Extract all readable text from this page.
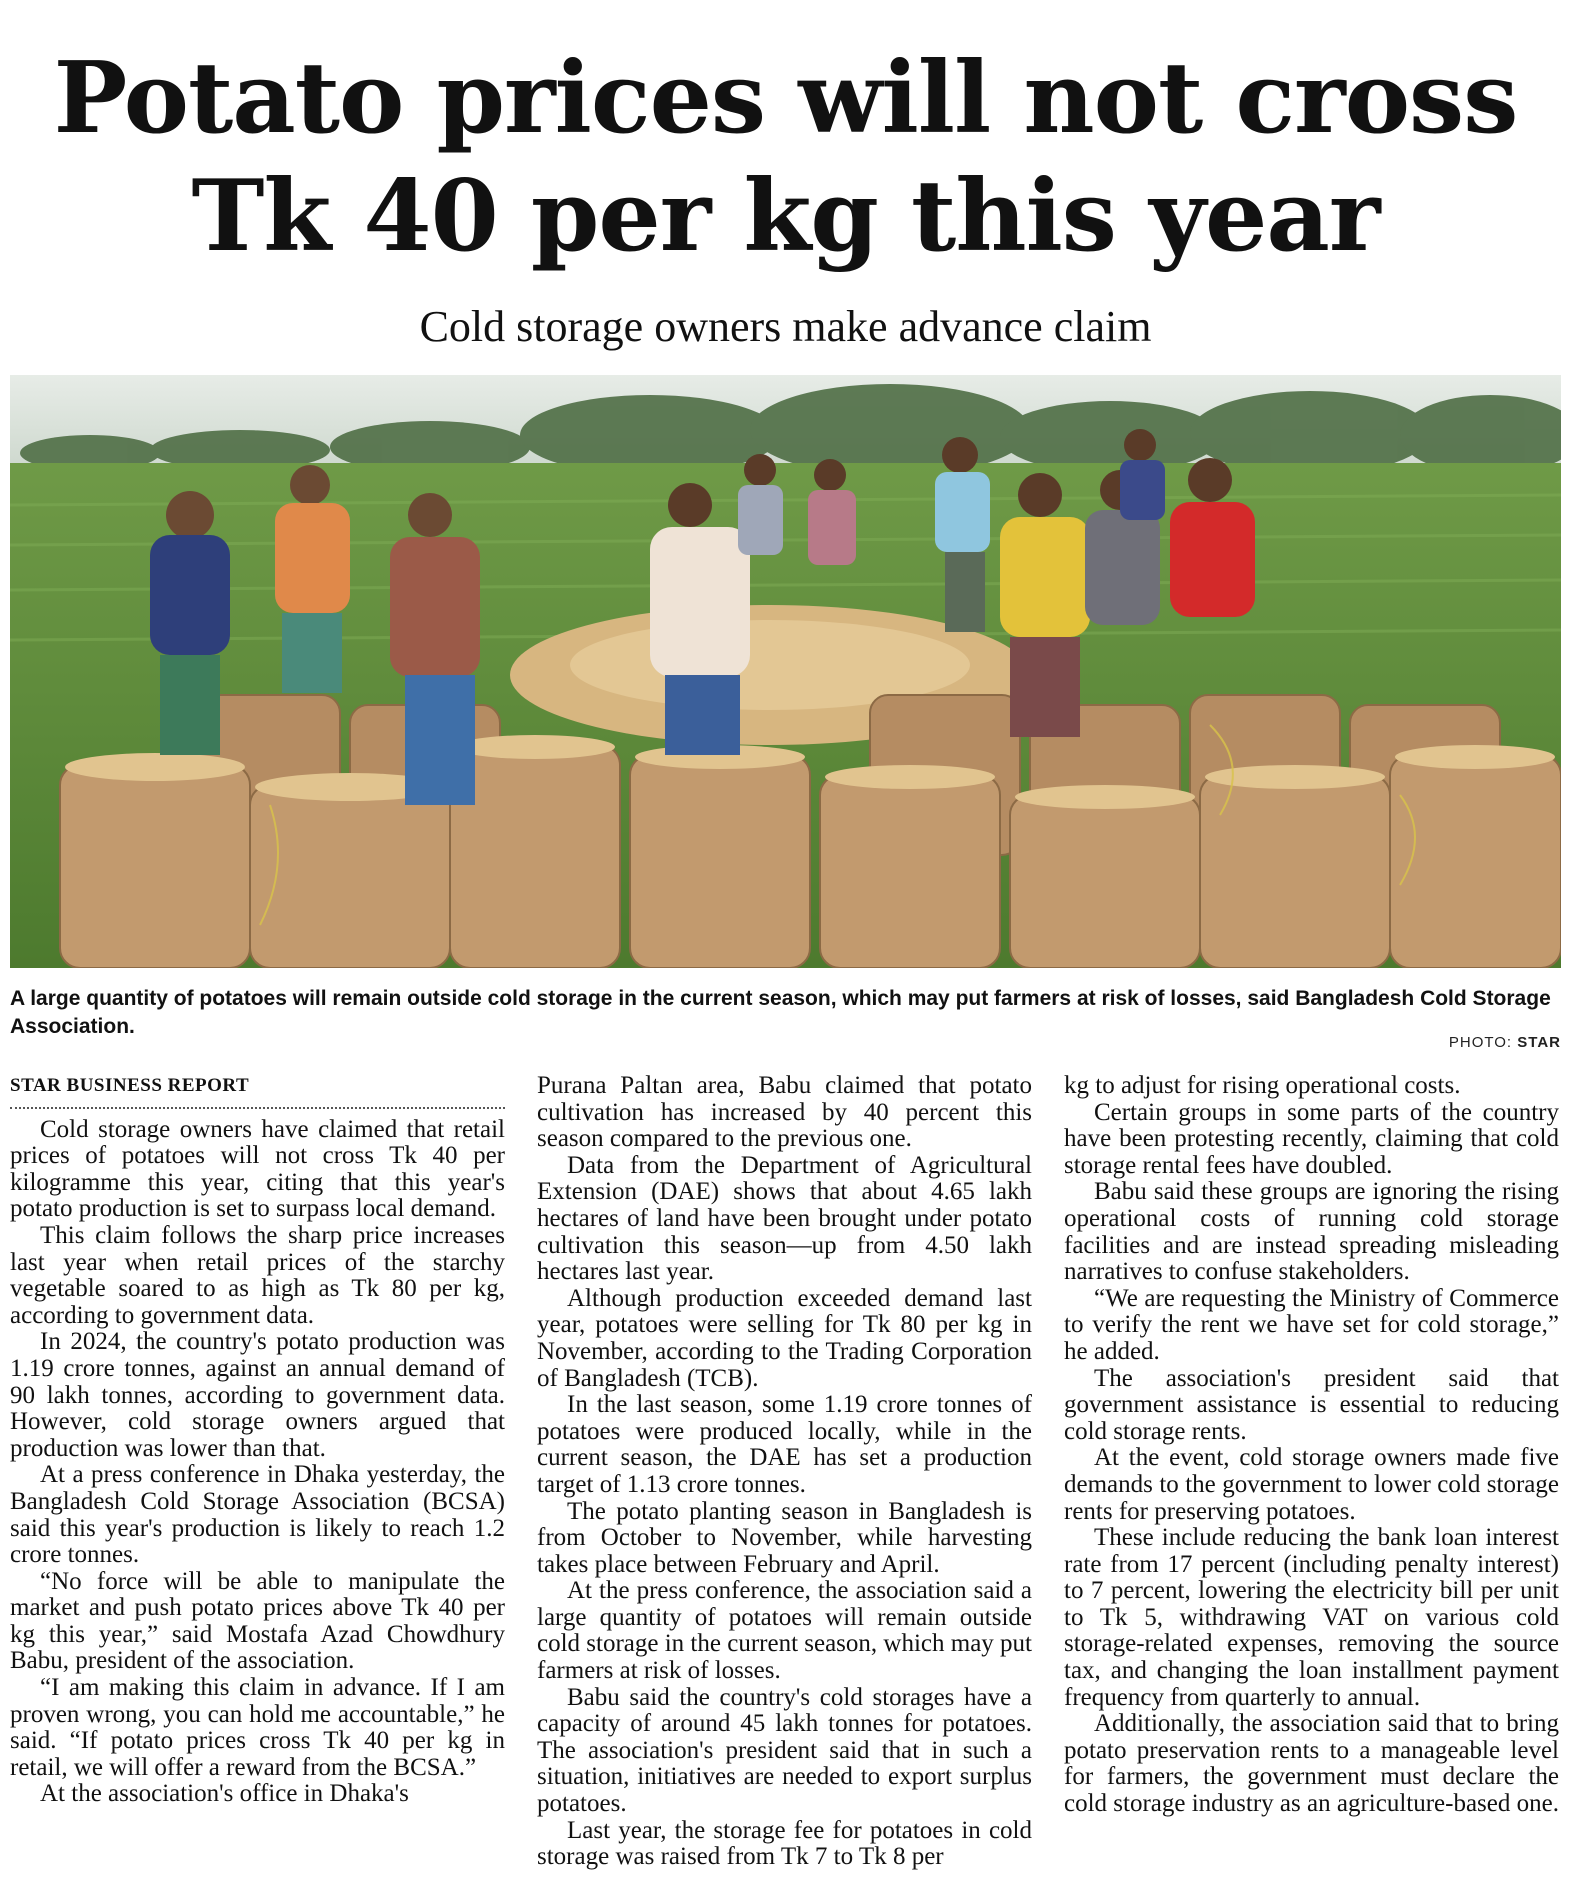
Potato prices will not cross
Tk 40 per kg this year

Cold storage owners make advance claim

A large quantity of potatoes will remain outside cold storage in the current season, which may put farmers at risk of losses, said Bangladesh Cold Storage Association.

PHOTO: STAR
STAR BUSINESS REPORT

Cold storage owners have claimed that retail prices of potatoes will not cross Tk 40 per kilogramme this year, citing that this year's potato production is set to surpass local demand.

This claim follows the sharp price increases last year when retail prices of the starchy vegetable soared to as high as Tk 80 per kg, according to government data.

In 2024, the country's potato production was 1.19 crore tonnes, against an annual demand of 90 lakh tonnes, according to government data. However, cold storage owners argued that production was lower than that.

At a press conference in Dhaka yesterday, the Bangladesh Cold Storage Association (BCSA) said this year's production is likely to reach 1.2 crore tonnes.

“No force will be able to manipulate the market and push potato prices above Tk 40 per kg this year,” said Mostafa Azad Chowdhury Babu, president of the association.

“I am making this claim in advance. If I am proven wrong, you can hold me accountable,” he said. “If potato prices cross Tk 40 per kg in retail, we will offer a reward from the BCSA.”

At the association's office in Dhaka's

Purana Paltan area, Babu claimed that potato cultivation has increased by 40 percent this season compared to the previous one.

Data from the Department of Agricultural Extension (DAE) shows that about 4.65 lakh hectares of land have been brought under potato cultivation this season—up from 4.50 lakh hectares last year.

Although production exceeded demand last year, potatoes were selling for Tk 80 per kg in November, according to the Trading Corporation of Bangladesh (TCB).

In the last season, some 1.19 crore tonnes of potatoes were produced locally, while in the current season, the DAE has set a production target of 1.13 crore tonnes.

The potato planting season in Bangladesh is from October to November, while harvesting takes place between February and April.

At the press conference, the association said a large quantity of potatoes will remain outside cold storage in the current season, which may put farmers at risk of losses.

Babu said the country's cold storages have a capacity of around 45 lakh tonnes for potatoes. The association's president said that in such a situation, initiatives are needed to export surplus potatoes.

Last year, the storage fee for potatoes in cold storage was raised from Tk 7 to Tk 8 per

kg to adjust for rising operational costs.

Certain groups in some parts of the country have been protesting recently, claiming that cold storage rental fees have doubled.

Babu said these groups are ignoring the rising operational costs of running cold storage facilities and are instead spreading misleading narratives to confuse stakeholders.

“We are requesting the Ministry of Commerce to verify the rent we have set for cold storage,” he added.

The association's president said that government assistance is essential to reducing cold storage rents.

At the event, cold storage owners made five demands to the government to lower cold storage rents for preserving potatoes.

These include reducing the bank loan interest rate from 17 percent (including penalty interest) to 7 percent, lowering the electricity bill per unit to Tk 5, withdrawing VAT on various cold storage-related expenses, removing the source tax, and changing the loan installment payment frequency from quarterly to annual.

Additionally, the association said that to bring potato preservation rents to a manageable level for farmers, the government must declare the cold storage industry as an agriculture-based one.
